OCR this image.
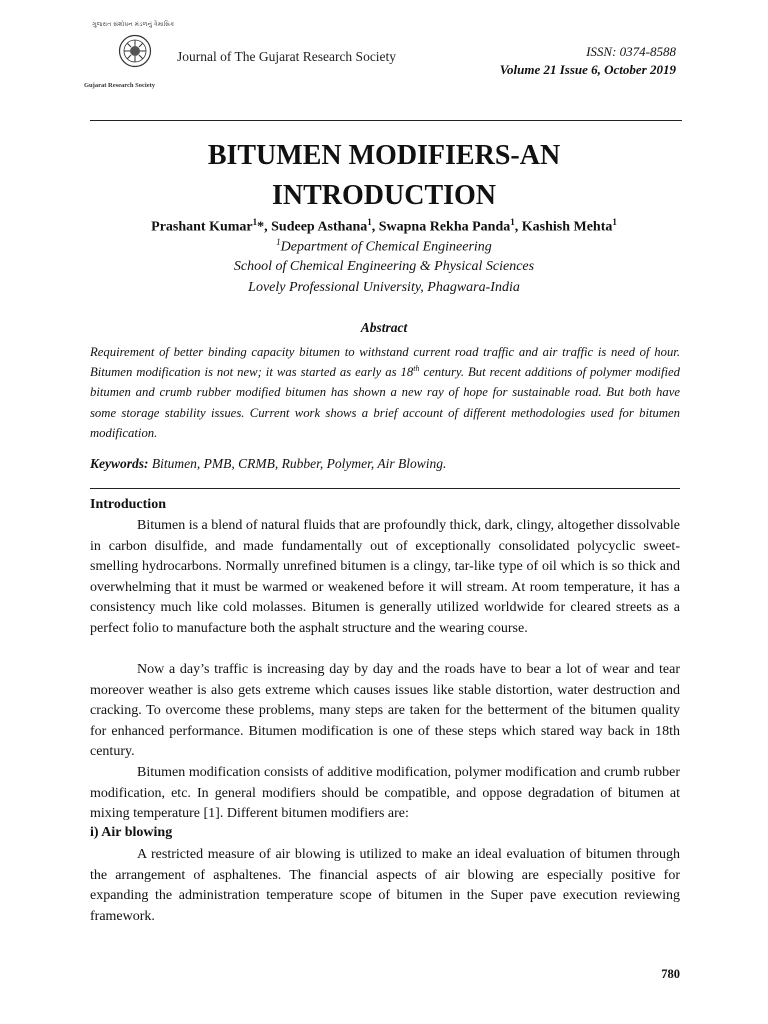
ગુજરાત સંશોધન મંડળનું ત્રૈમાસિક
Gujarat Research Society
Journal of The Gujarat Research Society	ISSN: 0374-8588
Volume 21 Issue 6, October 2019
BITUMEN MODIFIERS-AN
INTRODUCTION
Prashant Kumar$^1$*, Sudeep Asthana$^1$, Swapna Rekha Panda$^1$, Kashish Mehta$^1$
$^1$Department of Chemical Engineering
School of Chemical Engineering & Physical Sciences
Lovely Professional University, Phagwara-India
Abstract

Requirement of better binding capacity bitumen to withstand current road traffic and air traffic is need of hour. Bitumen modification is not new; it was started as early as 18th century. But recent additions of polymer modified bitumen and crumb rubber modified bitumen has shown a new ray of hope for sustainable road. But both have some storage stability issues. Current work shows a brief account of different methodologies used for bitumen modification.

Keywords: Bitumen, PMB, CRMB, Rubber, Polymer, Air Blowing.
Introduction

Bitumen is a blend of natural fluids that are profoundly thick, dark, clingy, altogether dissolvable in carbon disulfide, and made fundamentally out of exceptionally consolidated polycyclic sweet-smelling hydrocarbons. Normally unrefined bitumen is a clingy, tar-like type of oil which is so thick and overwhelming that it must be warmed or weakened before it will stream. At room temperature, it has a consistency much like cold molasses. Bitumen is generally utilized worldwide for cleared streets as a perfect folio to manufacture both the asphalt structure and the wearing course.

Now a day’s traffic is increasing day by day and the roads have to bear a lot of wear and tear moreover weather is also gets extreme which causes issues like stable distortion, water destruction and cracking. To overcome these problems, many steps are taken for the betterment of the bitumen quality for enhanced performance. Bitumen modification is one of these steps which stared way back in 18th century.

Bitumen modification consists of additive modification, polymer modification and crumb rubber modification, etc. In general modifiers should be compatible, and oppose degradation of bitumen at mixing temperature [1]. Different bitumen modifiers are:

i) Air blowing

A restricted measure of air blowing is utilized to make an ideal evaluation of bitumen through the arrangement of asphaltenes. The financial aspects of air blowing are especially positive for expanding the administration temperature scope of bitumen in the Super pave execution reviewing framework.

780
